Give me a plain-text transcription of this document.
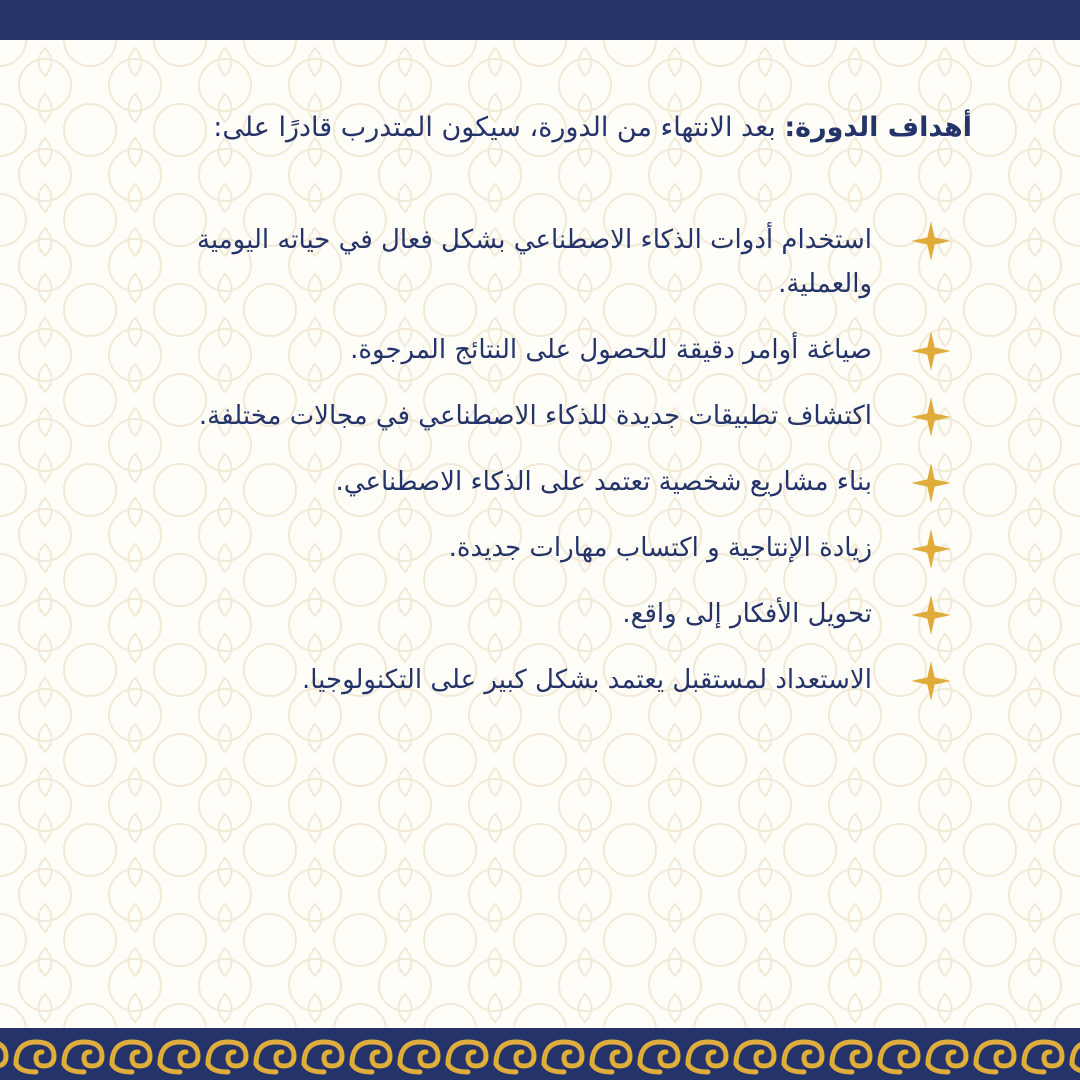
أهداف الدورة: بعد الانتهاء من الدورة، سيكون المتدرب قادرًا على:
استخدام أدوات الذكاء الاصطناعي بشكل فعال في حياته اليومية والعملية.
صياغة أوامر دقيقة للحصول على النتائج المرجوة.
اكتشاف تطبيقات جديدة للذكاء الاصطناعي في مجالات مختلفة.
بناء مشاريع شخصية تعتمد على الذكاء الاصطناعي.
زيادة الإنتاجية و اكتساب مهارات جديدة.
تحويل الأفكار إلى واقع.
الاستعداد لمستقبل يعتمد بشكل كبير على التكنولوجيا.
